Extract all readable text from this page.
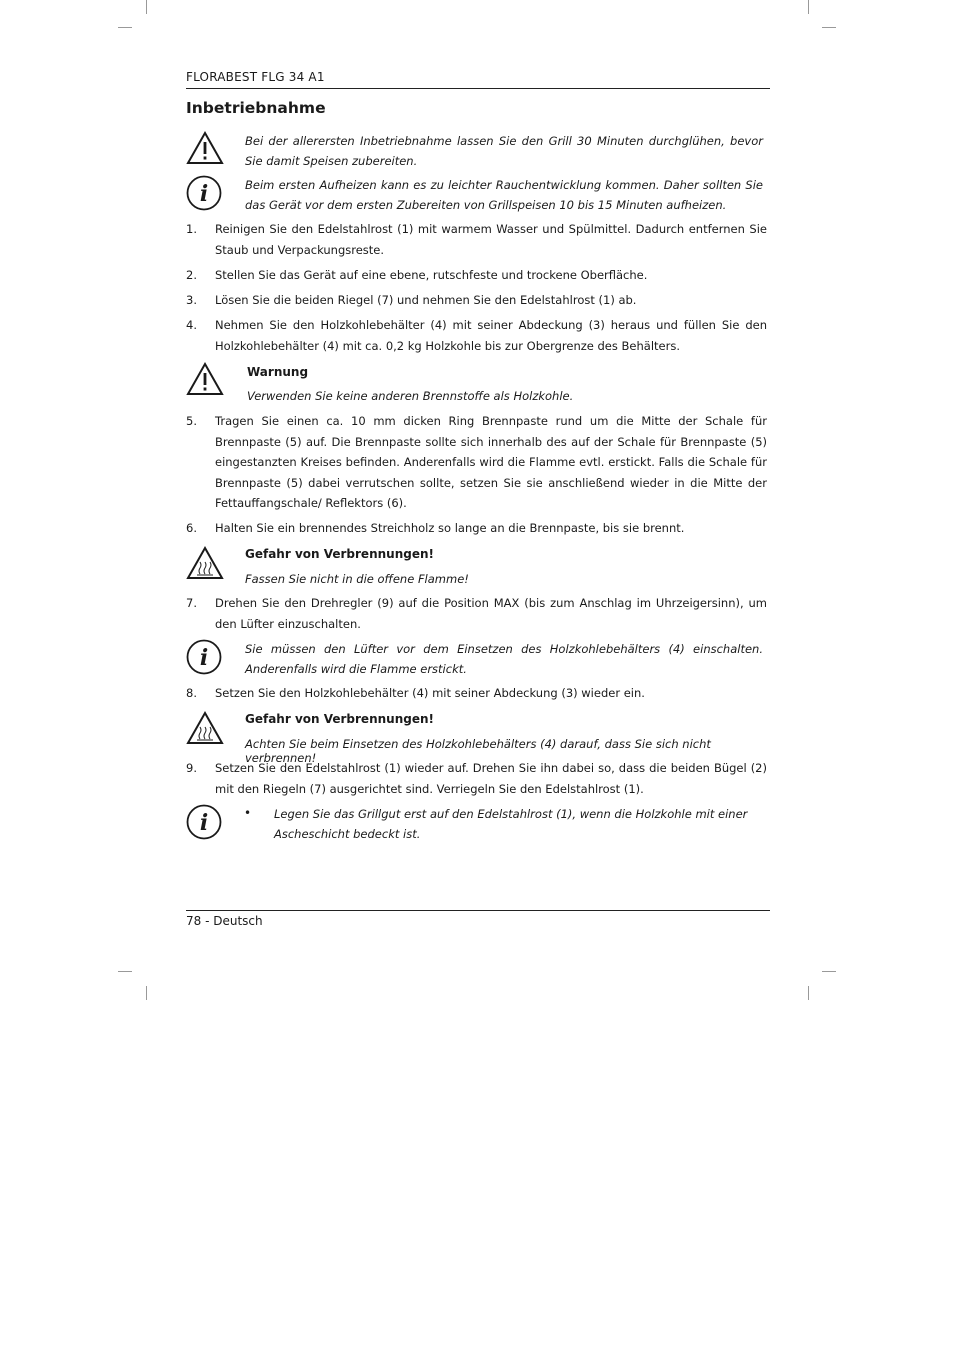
FLORABEST FLG 34 A1
Inbetriebnahme
Bei der allerersten Inbetriebnahme lassen Sie den Grill 30 Minuten durchglühen, bevor Sie damit Speisen zubereiten.
i	Beim ersten Aufheizen kann es zu leichter Rauchentwicklung kommen. Daher sollten Sie das Gerät vor dem ersten Zubereiten von Grillspeisen 10 bis 15 Minuten aufheizen.
1. Reinigen Sie den Edelstahlrost (1) mit warmem Wasser und Spülmittel. Dadurch entfernen Sie Staub und Verpackungsreste.
2. Stellen Sie das Gerät auf eine ebene, rutschfeste und trockene Oberfläche.
3. Lösen Sie die beiden Riegel (7) und nehmen Sie den Edelstahlrost (1) ab.
4. Nehmen Sie den Holzkohlebehälter (4) mit seiner Abdeckung (3) heraus und füllen Sie den Holzkohlebehälter (4) mit ca. 0,2 kg Holzkohle bis zur Obergrenze des Behälters.
Warnung
Verwenden Sie keine anderen Brennstoffe als Holzkohle.
5. Tragen Sie einen ca. 10 mm dicken Ring Brennpaste rund um die Mitte der Schale für Brennpaste (5) auf. Die Brennpaste sollte sich innerhalb des auf der Schale für Brennpaste (5) eingestanzten Kreises befinden. Anderenfalls wird die Flamme evtl. erstickt. Falls die Schale für Brennpaste (5) dabei verrutschen sollte, setzen Sie sie anschließend wieder in die Mitte der Fettauffangschale/ Reflektors (6).
6. Halten Sie ein brennendes Streichholz so lange an die Brennpaste, bis sie brennt.
Gefahr von Verbrennungen!
Fassen Sie nicht in die offene Flamme!
7. Drehen Sie den Drehregler (9) auf die Position MAX (bis zum Anschlag im Uhrzeigersinn), um den Lüfter einzuschalten.
i	Sie müssen den Lüfter vor dem Einsetzen des Holzkohlebehälters (4) einschalten. Anderenfalls wird die Flamme erstickt.
8. Setzen Sie den Holzkohlebehälter (4) mit seiner Abdeckung (3) wieder ein.
Gefahr von Verbrennungen!
Achten Sie beim Einsetzen des Holzkohlebehälters (4) darauf, dass Sie sich nicht verbrennen!
9. Setzen Sie den Edelstahlrost (1) wieder auf. Drehen Sie ihn dabei so, dass die beiden Bügel (2) mit den Riegeln (7) ausgerichtet sind. Verriegeln Sie den Edelstahlrost (1).
i	• Legen Sie das Grillgut erst auf den Edelstahlrost (1), wenn die Holzkohle mit einer Ascheschicht bedeckt ist.
78 - Deutsch
